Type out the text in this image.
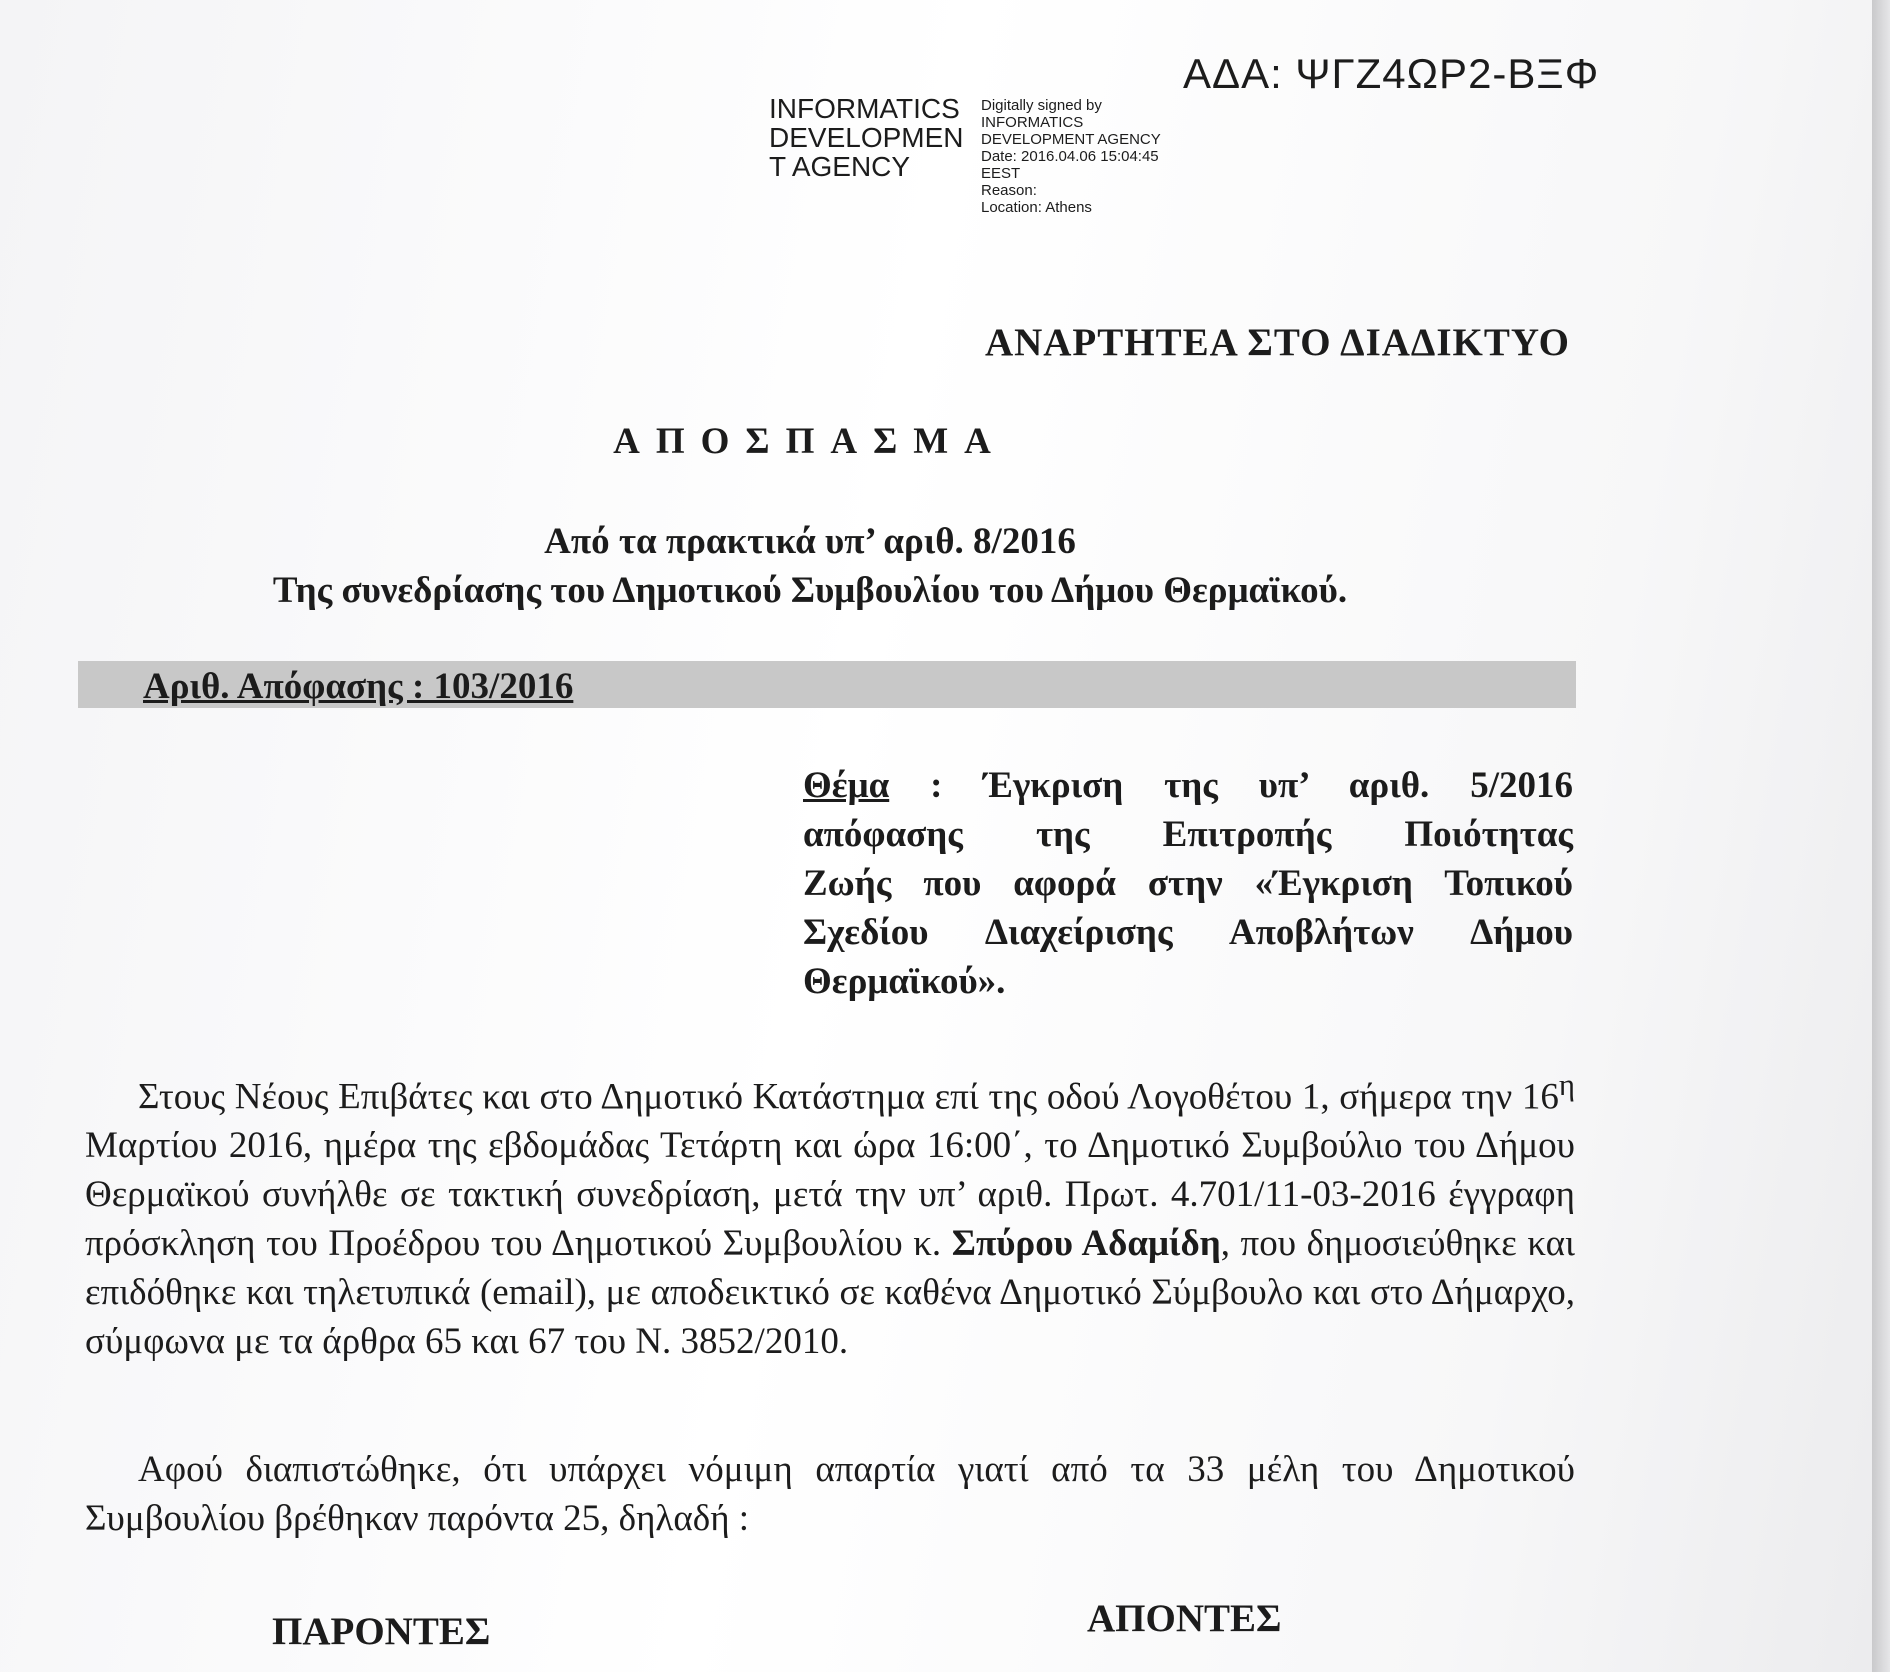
ΑΔΑ: ΨΓΖ4ΩΡ2-ΒΞΦ
INFORMATICS
DEVELOPMEN
T AGENCY
Digitally signed by
INFORMATICS
DEVELOPMENT AGENCY
Date: 2016.04.06 15:04:45
EEST
Reason:
Location: Athens
ΑΝΑΡΤΗΤΕΑ ΣΤΟ ΔΙΑΔΙΚΤΥΟ
ΑΠΟΣΠΑΣΜΑ
Από τα πρακτικά υπ’ αριθ. 8/2016
Της συνεδρίασης του Δημοτικού Συμβουλίου του Δήμου Θερμαϊκού.
Αριθ. Απόφασης : 103/2016
Θέμα : Έγκριση της υπ’ αριθ. 5/2016
απόφασης της Επιτροπής Ποιότητας
Ζωής που αφορά στην «Έγκριση Τοπικού
Σχεδίου Διαχείρισης Αποβλήτων Δήμου
Θερμαϊκού».
Στους Νέους Επιβάτες και στο Δημοτικό Κατάστημα επί της οδού Λογοθέτου 1, σήμερα την $16^\eta$ Μαρτίου 2016, ημέρα της εβδομάδας Τετάρτη και ώρα 16:00΄, το Δημοτικό Συμβούλιο του Δήμου Θερμαϊκού συνήλθε σε τακτική συνεδρίαση, μετά την υπ’ αριθ. Πρωτ. 4.701/11-03-2016 έγγραφη πρόσκληση του Προέδρου του Δημοτικού Συμβουλίου κ. Σπύρου Αδαμίδη, που δημοσιεύθηκε και επιδόθηκε και τηλετυπικά (email), με αποδεικτικό σε καθένα Δημοτικό Σύμβουλο και στο Δήμαρχο, σύμφωνα με τα άρθρα 65 και 67 του Ν. 3852/2010.
Αφού διαπιστώθηκε, ότι υπάρχει νόμιμη απαρτία γιατί από τα 33 μέλη του Δημοτικού Συμβουλίου βρέθηκαν παρόντα 25, δηλαδή :
ΠΑΡΟΝΤΕΣ	ΑΠΟΝΤΕΣ
